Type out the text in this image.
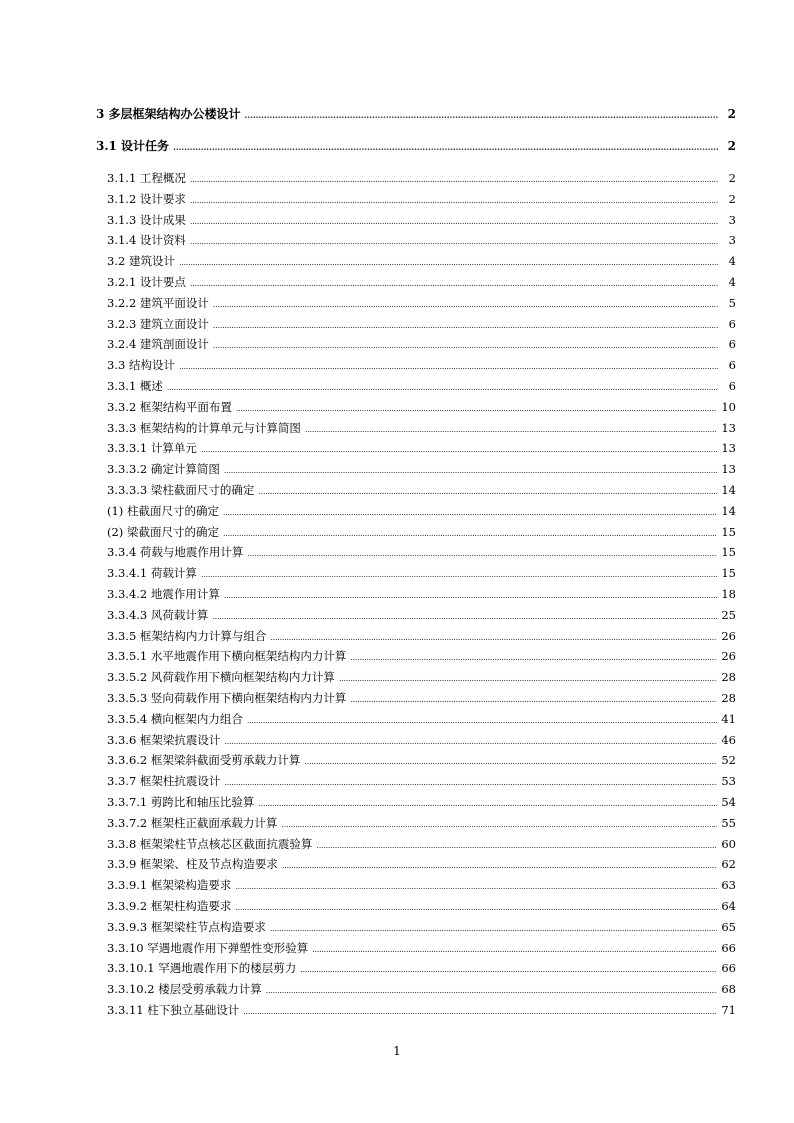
3 多层框架结构办公楼设计 . . .	2
3.1 设计任务 . . .	2
3.1.1 工程概况 . . .	2
3.1.2 设计要求 . . .	2
3.1.3 设计成果 . . .	3
3.1.4 设计资料 . . .	3
3.2 建筑设计 . . .	4
3.2.1 设计要点 . . .	4
3.2.2 建筑平面设计 . . .	5
3.2.3 建筑立面设计 . . .	6
3.2.4 建筑剖面设计 . . .	6
3.3 结构设计 . . .	6
3.3.1 概述 . . .	6
3.3.2 框架结构平面布置 . . .	10
3.3.3 框架结构的计算单元与计算简图 . . .	13
3.3.3.1 计算单元 . . .	13
3.3.3.2 确定计算简图 . . .	13
3.3.3.3 梁柱截面尺寸的确定 . . .	14
(1) 柱截面尺寸的确定 . . .	14
(2) 梁截面尺寸的确定 . . .	15
3.3.4 荷载与地震作用计算 . . .	15
3.3.4.1 荷载计算 . . .	15
3.3.4.2 地震作用计算 . . .	18
3.3.4.3 风荷载计算 . . .	25
3.3.5 框架结构内力计算与组合 . . .	26
3.3.5.1 水平地震作用下横向框架结构内力计算 . . .	26
3.3.5.2 风荷载作用下横向框架结构内力计算 . . .	28
3.3.5.3 竖向荷载作用下横向框架结构内力计算 . . .	28
3.3.5.4 横向框架内力组合 . . .	41
3.3.6 框架梁抗震设计 . . .	46
3.3.6.2 框架梁斜截面受剪承载力计算 . . .	52
3.3.7 框架柱抗震设计 . . .	53
3.3.7.1 剪跨比和轴压比验算 . . .	54
3.3.7.2 框架柱正截面承载力计算 . . .	55
3.3.8 框架梁柱节点核芯区截面抗震验算 . . .	60
3.3.9 框架梁、柱及节点构造要求 . . .	62
3.3.9.1 框架梁构造要求 . . .	63
3.3.9.2 框架柱构造要求 . . .	64
3.3.9.3 框架梁柱节点构造要求 . . .	65
3.3.10 罕遇地震作用下弹塑性变形验算 . . .	66
3.3.10.1 罕遇地震作用下的楼层剪力 . . .	66
3.3.10.2 楼层受剪承载力计算 . . .	68
3.3.11 柱下独立基础设计 . . .	71
1
